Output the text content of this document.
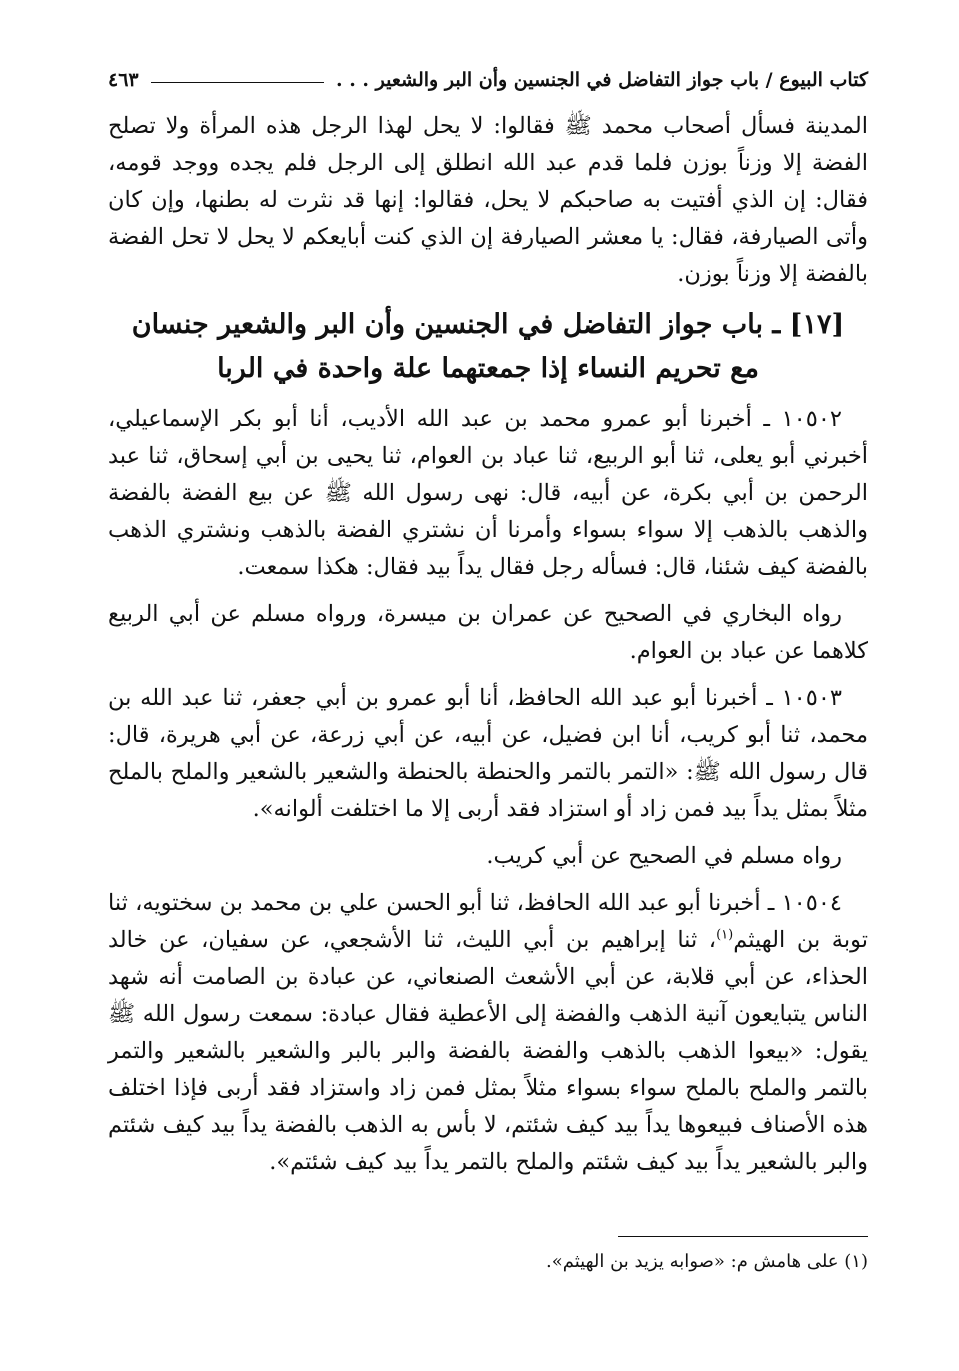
كتاب البيوع / باب جواز التفاضل في الجنسين وأن البر والشعير . . .
٤٦٣

المدينة فسأل أصحاب محمد ﷺ فقالوا: لا يحل لهذا الرجل هذه المرأة ولا تصلح الفضة إلا وزناً بوزن فلما قدم عبد الله انطلق إلى الرجل فلم يجده ووجد قومه، فقال: إن الذي أفتيت به صاحبكم لا يحل، فقالوا: إنها قد نثرت له بطنها، وإن كان وأتى الصيارفة، فقال: يا معشر الصيارفة إن الذي كنت أبايعكم لا يحل لا تحل الفضة بالفضة إلا وزناً بوزن.

[١٧] ـ باب جواز التفاضل في الجنسين وأن البر والشعير جنسان
مع تحريم النساء إذا جمعتهما علة واحدة في الربا

١٠٥٠٢ ـ أخبرنا أبو عمرو محمد بن عبد الله الأديب، أنا أبو بكر الإسماعيلي، أخبرني أبو يعلى، ثنا أبو الربيع، ثنا عباد بن العوام، ثنا يحيى بن أبي إسحاق، ثنا عبد الرحمن بن أبي بكرة، عن أبيه، قال: نهى رسول الله ﷺ عن بيع الفضة بالفضة والذهب بالذهب إلا سواء بسواء وأمرنا أن نشتري الفضة بالذهب ونشتري الذهب بالفضة كيف شئنا، قال: فسأله رجل فقال يداً بيد فقال: هكذا سمعت.

رواه البخاري في الصحيح عن عمران بن ميسرة، ورواه مسلم عن أبي الربيع كلاهما عن عباد بن العوام.

١٠٥٠٣ ـ أخبرنا أبو عبد الله الحافظ، أنا أبو عمرو بن أبي جعفر، ثنا عبد الله بن محمد، ثنا أبو كريب، أنا ابن فضيل، عن أبيه، عن أبي زرعة، عن أبي هريرة، قال: قال رسول الله ﷺ: «التمر بالتمر والحنطة بالحنطة والشعير بالشعير والملح بالملح مثلاً بمثل يداً بيد فمن زاد أو استزاد فقد أربى إلا ما اختلفت ألوانه».

رواه مسلم في الصحيح عن أبي كريب.

١٠٥٠٤ ـ أخبرنا أبو عبد الله الحافظ، ثنا أبو الحسن علي بن محمد بن سختويه، ثنا توبة بن الهيثم$^{(١)}$، ثنا إبراهيم بن أبي الليث، ثنا الأشجعي، عن سفيان، عن خالد الحذاء، عن أبي قلابة، عن أبي الأشعث الصنعاني، عن عبادة بن الصامت أنه شهد الناس يتبايعون آنية الذهب والفضة إلى الأعطية فقال عبادة: سمعت رسول الله ﷺ يقول: «بيعوا الذهب بالذهب والفضة بالفضة والبر بالبر والشعير بالشعير والتمر بالتمر والملح بالملح سواء بسواء مثلاً بمثل فمن زاد واستزاد فقد أربى فإذا اختلف هذه الأصناف فبيعوها يداً بيد كيف شئتم، لا بأس به الذهب بالفضة يداً بيد كيف شئتم والبر بالشعير يداً بيد كيف شئتم والملح بالتمر يداً بيد كيف شئتم».

(١) على هامش م: «صوابه يزيد بن الهيثم».
